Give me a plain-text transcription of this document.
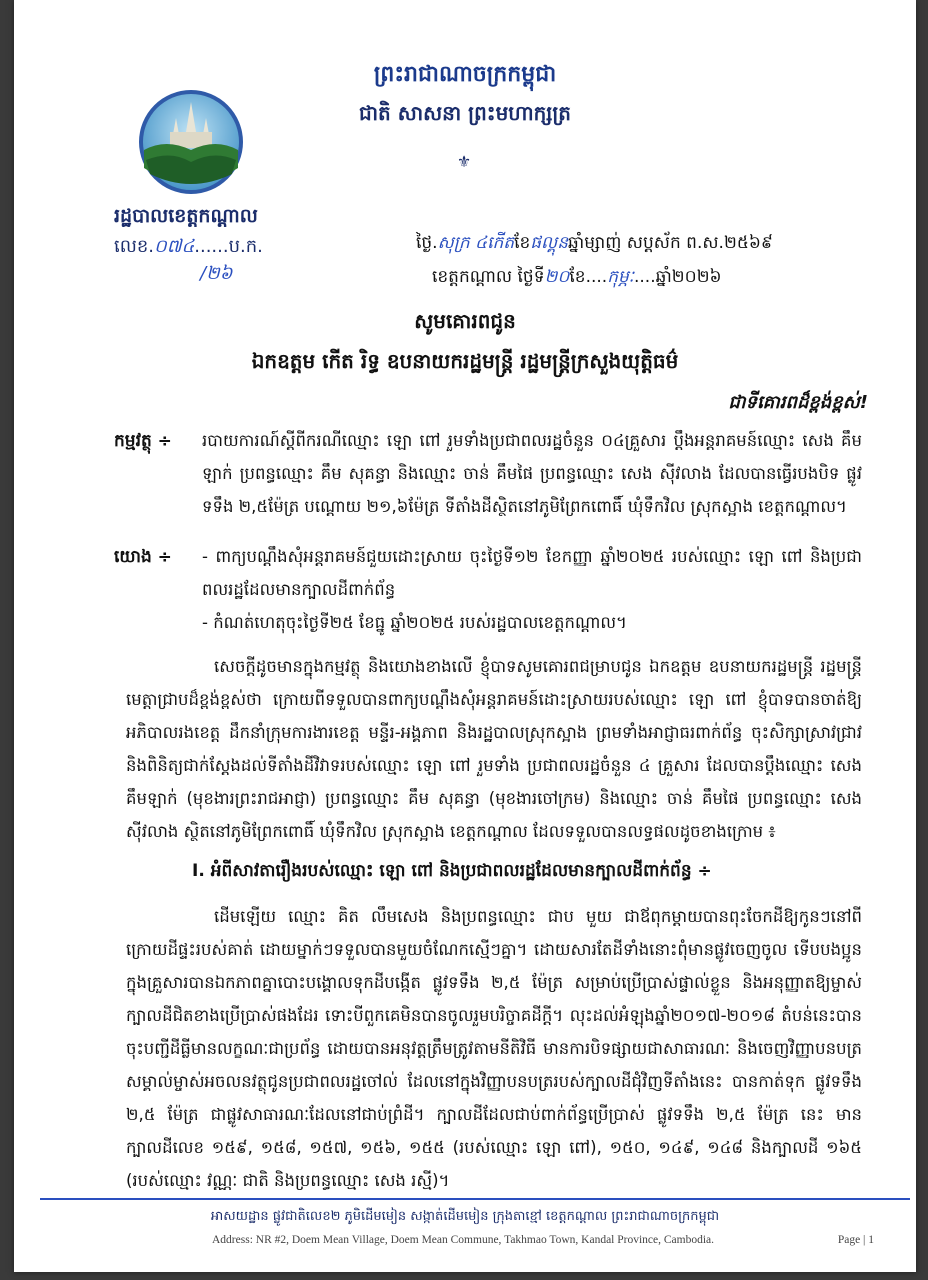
ព្រះរាជាណាចក្រកម្ពុជា
ជាតិ សាសនា ព្រះមហាក្សត្រ
⚜
រដ្ឋបាលខេត្តកណ្ដាល
លេខ.០៧៤......ប.ក.
/២៦
ថ្ងៃ.សុក្រ ៤កើតខែផល្គុនឆ្នាំម្សាញ់ សប្តស័ក ព.ស.២៥៦៩
ខេត្តកណ្ដាល ថ្ងៃទី២០ខែ....កុម្ភៈ....ឆ្នាំ២០២៦
សូមគោរពជូន
ឯកឧត្តម កើត រិទ្ធ ឧបនាយករដ្ឋមន្ត្រី រដ្ឋមន្ត្រីក្រសួងយុត្តិធម៌
ជាទីគោរពដ៏ខ្ពង់ខ្ពស់!
កម្មវត្ថុ ÷ របាយការណ៍ស្តីពីករណីឈ្មោះ ឡោ ពៅ រួមទាំងប្រជាពលរដ្ឋចំនួន ០៤គ្រួសារ ប្តឹងអន្តរាគមន៍ឈ្មោះ សេង គឹមឡាក់ ប្រពន្ធឈ្មោះ គឹម សុគន្ធា និងឈ្មោះ ចាន់ គឹមផៃ ប្រពន្ធឈ្មោះ សេង ស៊ីវលាង ដែលបានធ្វើរបងបិទ ផ្លូវទទឹង ២,៥ម៉ែត្រ បណ្តោយ ២១,៦ម៉ែត្រ ទីតាំងដីស្ថិតនៅភូមិព្រែកពោធិ៍ ឃុំទឹកវិល ស្រុកស្អាង ខេត្តកណ្តាល។
យោង ÷ - ពាក្យបណ្តឹងសុំអន្តរាគមន៍ជួយដោះស្រាយ ចុះថ្ងៃទី១២ ខែកញ្ញា ឆ្នាំ២០២៥ របស់ឈ្មោះ ឡោ ពៅ និងប្រជាពលរដ្ឋដែលមានក្បាលដីពាក់ព័ន្ធ
- កំណត់ហេតុចុះថ្ងៃទី២៥ ខែធ្នូ ឆ្នាំ២០២៥ របស់រដ្ឋបាលខេត្តកណ្តាល។
សេចក្តីដូចមានក្នុងកម្មវត្ថុ និងយោងខាងលើ ខ្ញុំបាទសូមគោរពជម្រាបជូន ឯកឧត្តម ឧបនាយករដ្ឋមន្ត្រី រដ្ឋមន្ត្រី មេត្តាជ្រាបដ៏ខ្ពង់ខ្ពស់ថា ក្រោយពីទទួលបានពាក្យបណ្តឹងសុំអន្តរាគមន៍ដោះស្រាយរបស់ឈ្មោះ ឡោ ពៅ ខ្ញុំបាទបានចាត់ឱ្យ អភិបាលរងខេត្ត ដឹកនាំក្រុមការងារខេត្ត មន្ទីរ-អង្គភាព និងរដ្ឋបាលស្រុកស្អាង ព្រមទាំងអាជ្ញាធរពាក់ព័ន្ធ ចុះសិក្សាស្រាវជ្រាវ និងពិនិត្យជាក់ស្តែងដល់ទីតាំងដីវិវាទរបស់ឈ្មោះ ឡោ ពៅ រួមទាំង ប្រជាពលរដ្ឋចំនួន ៤ គ្រួសារ ដែលបានប្តឹងឈ្មោះ សេង គឹមឡាក់ (មុខងារព្រះរាជអាជ្ញា) ប្រពន្ធឈ្មោះ គឹម សុគន្ធា (មុខងារចៅក្រម) និងឈ្មោះ ចាន់ គឹមផៃ ប្រពន្ធឈ្មោះ សេង ស៊ីវលាង ស្ថិតនៅភូមិព្រែកពោធិ៍ ឃុំទឹកវិល ស្រុកស្អាង ខេត្តកណ្តាល ដែលទទួលបានលទ្ធផលដូចខាងក្រោម ៖
I. អំពីសាវតារឿងរបស់ឈ្មោះ ឡោ ពៅ និងប្រជាពលរដ្ឋដែលមានក្បាលដីពាក់ព័ន្ធ ÷
ដើមឡើយ ឈ្មោះ គិត លឹមសេង និងប្រពន្ធឈ្មោះ ជាប មួយ ជាឪពុកម្តាយបានពុះចែកដីឱ្យកូនៗនៅពីក្រោយដីផ្ទះរបស់គាត់ ដោយម្នាក់ៗទទួលបានមួយចំណែកស្មើៗគ្នា។ ដោយសារតែដីទាំងនោះពុំមានផ្លូវចេញចូល ទើបបងប្អូនក្នុងគ្រួសារបានឯកភាពគ្នាបោះបង្គោលទុកដីបង្កើត ផ្លូវទទឹង ២,៥ ម៉ែត្រ សម្រាប់ប្រើប្រាស់ផ្ទាល់ខ្លួន និងអនុញ្ញាតឱ្យម្ចាស់ក្បាលដីជិតខាងប្រើប្រាស់ផងដែរ ទោះបីពួកគេមិនបានចូលរួមបរិច្ចាគដីក្តី។ លុះដល់អំឡុងឆ្នាំ២០១៧-២០១៨ តំបន់នេះបានចុះបញ្ជីដីធ្លីមានលក្ខណៈជាប្រព័ន្ធ ដោយបានអនុវត្តត្រឹមត្រូវតាមនីតិវិធី មានការបិទផ្សាយជាសាធារណៈ និងចេញវិញ្ញាបនបត្រសម្គាល់ម្ចាស់អចលនវត្ថុជូនប្រជាពលរដ្ឋចៅល់ ដែលនៅក្នុងវិញ្ញាបនបត្ររបស់ក្បាលដីជុំវិញទីតាំងនេះ បានកាត់ទុក ផ្លូវទទឹង ២,៥ ម៉ែត្រ ជាផ្លូវសាធារណៈដែលនៅជាប់ព្រំដី។ ក្បាលដីដែលជាប់ពាក់ព័ន្ធប្រើប្រាស់ ផ្លូវទទឹង ២,៥ ម៉ែត្រ នេះ មានក្បាលដីលេខ ១៥៩, ១៥៨, ១៥៧, ១៥៦, ១៥៥ (របស់ឈ្មោះ ឡោ ពៅ), ១៥០, ១៤៩, ១៤៨ និងក្បាលដី ១៦៥ (របស់ឈ្មោះ វណ្ណៈ ជាតិ និងប្រពន្ធឈ្មោះ សេង រស្មី)។
អាសយដ្ឋាន ផ្លូវជាតិលេខ២ ភូមិដើមមៀន សង្កាត់ដើមមៀន ក្រុងតាខ្មៅ ខេត្តកណ្តាល ព្រះរាជាណាចក្រកម្ពុជា
Address: NR #2, Doem Mean Village, Doem Mean Commune, Takhmao Town, Kandal Province, Cambodia.	Page | 1
